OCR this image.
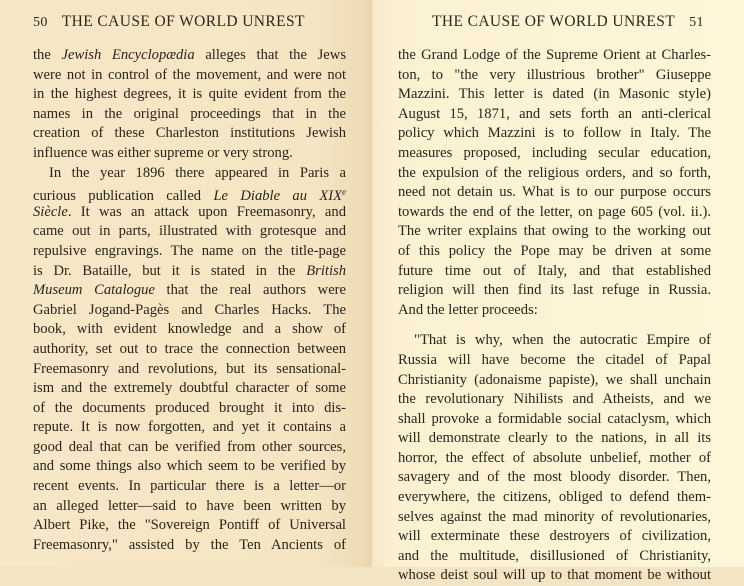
50 THE CAUSE OF WORLD UNREST
the Jewish Encyclopædia alleges that the Jews
were not in control of the movement, and were not
in the highest degrees, it is quite evident from the
names in the original proceedings that in the
creation of these Charleston institutions Jewish
influence was either supreme or very strong.
In the year 1896 there appeared in Paris a
curious publication called Le Diable au XIXe
Siècle. It was an attack upon Freemasonry, and
came out in parts, illustrated with grotesque and
repulsive engravings. The name on the title-page
is Dr. Bataille, but it is stated in the British
Museum Catalogue that the real authors were
Gabriel Jogand-Pagès and Charles Hacks. The
book, with evident knowledge and a show of
authority, set out to trace the connection between
Freemasonry and revolutions, but its sensational-
ism and the extremely doubtful character of some
of the documents produced brought it into dis-
repute. It is now forgotten, and yet it contains a
good deal that can be verified from other sources,
and some things also which seem to be verified by
recent events. In particular there is a letter—or
an alleged letter—said to have been written by
Albert Pike, the "Sovereign Pontiff of Universal
Freemasonry," assisted by the Ten Ancients of
THE CAUSE OF WORLD UNREST 51
the Grand Lodge of the Supreme Orient at Charles-
ton, to "the very illustrious brother" Giuseppe
Mazzini. This letter is dated (in Masonic style)
August 15, 1871, and sets forth an anti-clerical
policy which Mazzini is to follow in Italy. The
measures proposed, including secular education,
the expulsion of the religious orders, and so forth,
need not detain us. What is to our purpose occurs
towards the end of the letter, on page 605 (vol. ii.).
The writer explains that owing to the working out
of this policy the Pope may be driven at some
future time out of Italy, and that established
religion will then find its last refuge in Russia.
And the letter proceeds:
"That is why, when the autocratic Empire of
Russia will have become the citadel of Papal
Christianity (adonaisme papiste), we shall unchain
the revolutionary Nihilists and Atheists, and we
shall provoke a formidable social cataclysm, which
will demonstrate clearly to the nations, in all its
horror, the effect of absolute unbelief, mother of
savagery and of the most bloody disorder. Then,
everywhere, the citizens, obliged to defend them-
selves against the mad minority of revolutionaries,
will exterminate these destroyers of civilization,
and the multitude, disillusioned of Christianity,
whose deist soul will up to that moment be without
